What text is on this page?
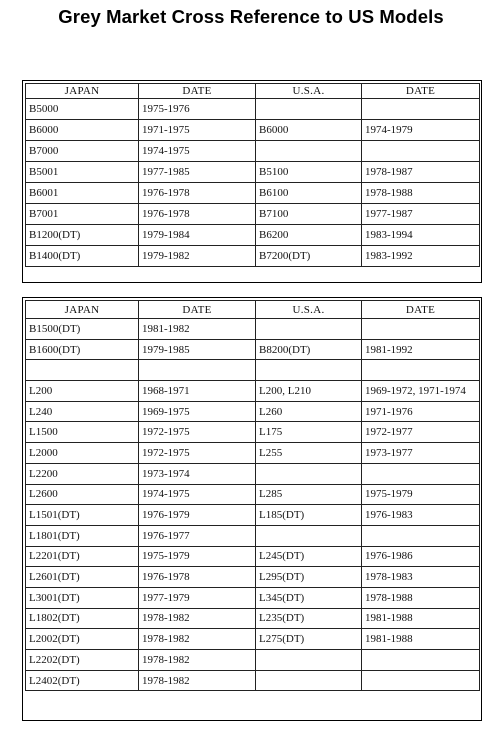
Grey Market Cross Reference to US Models
JAPAN	DATE	U.S.A.	DATE
B5000	1975-1976		
B6000	1971-1975	B6000	1974-1979
B7000	1974-1975		
B5001	1977-1985	B5100	1978-1987
B6001	1976-1978	B6100	1978-1988
B7001	1976-1978	B7100	1977-1987
B1200(DT)	1979-1984	B6200	1983-1994
B1400(DT)	1979-1982	B7200(DT)	1983-1992
JAPAN	DATE	U.S.A.	DATE
B1500(DT)	1981-1982		
B1600(DT)	1979-1985	B8200(DT)	1981-1992

L200	1968-1971	L200, L210	1969-1972, 1971-1974
L240	1969-1975	L260	1971-1976
L1500	1972-1975	L175	1972-1977
L2000	1972-1975	L255	1973-1977
L2200	1973-1974		
L2600	1974-1975	L285	1975-1979
L1501(DT)	1976-1979	L185(DT)	1976-1983
L1801(DT)	1976-1977		
L2201(DT)	1975-1979	L245(DT)	1976-1986
L2601(DT)	1976-1978	L295(DT)	1978-1983
L3001(DT)	1977-1979	L345(DT)	1978-1988
L1802(DT)	1978-1982	L235(DT)	1981-1988
L2002(DT)	1978-1982	L275(DT)	1981-1988
L2202(DT)	1978-1982		
L2402(DT)	1978-1982		
